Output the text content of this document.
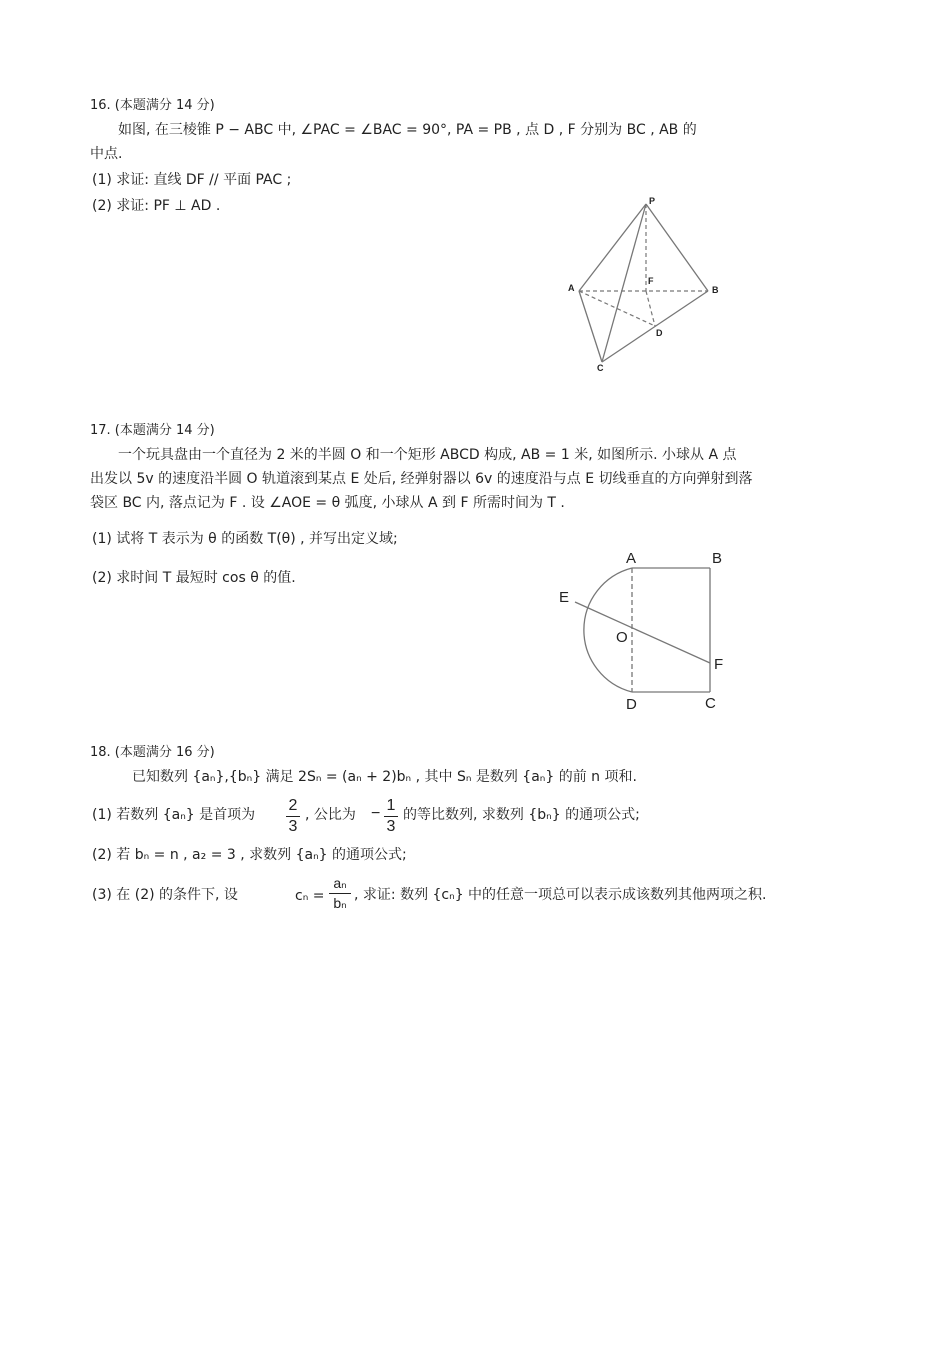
16. (本题满分 14 分)
如图, 在三棱锥 P − ABC 中, ∠PAC = ∠BAC = 90°, PA = PB , 点 D , F 分别为 BC , AB 的
中点.
(1) 求证: 直线 DF // 平面 PAC ;
(2) 求证: PF ⊥ AD .	P
A	B
C
D
F
17. (本题满分 14 分)
一个玩具盘由一个直径为 2 米的半圆 O 和一个矩形 ABCD 构成, AB = 1 米, 如图所示. 小球从 A 点
出发以 5v 的速度沿半圆 O 轨道滚到某点 E 处后, 经弹射器以 6v 的速度沿与点 E 切线垂直的方向弹射到落
袋区 BC 内, 落点记为 F . 设 ∠AOE = θ 弧度, 小球从 A 到 F 所需时间为 T .
(1) 试将 T 表示为 θ 的函数 T(θ) , 并写出定义域;
(2) 求时间 T 最短时 cos θ 的值.
A	B
C
D
E
O
F
18. (本题满分 16 分)
已知数列 {aₙ},{bₙ} 满足 2Sₙ = (aₙ + 2)bₙ , 其中 Sₙ 是数列 {aₙ} 的前 n 项和.
(1) 若数列 {aₙ} 是首项为
2
3
, 公比为 − 1
3
的等比数列, 求数列 {bₙ} 的通项公式;
(2) 若 bₙ = n , a₂ = 3 , 求数列 {aₙ} 的通项公式;
(3) 在 (2) 的条件下, 设	cₙ =
aₙ
bₙ , 求证: 数列 {cₙ} 中的任意一项总可以表示成该数列其他两项之积.
